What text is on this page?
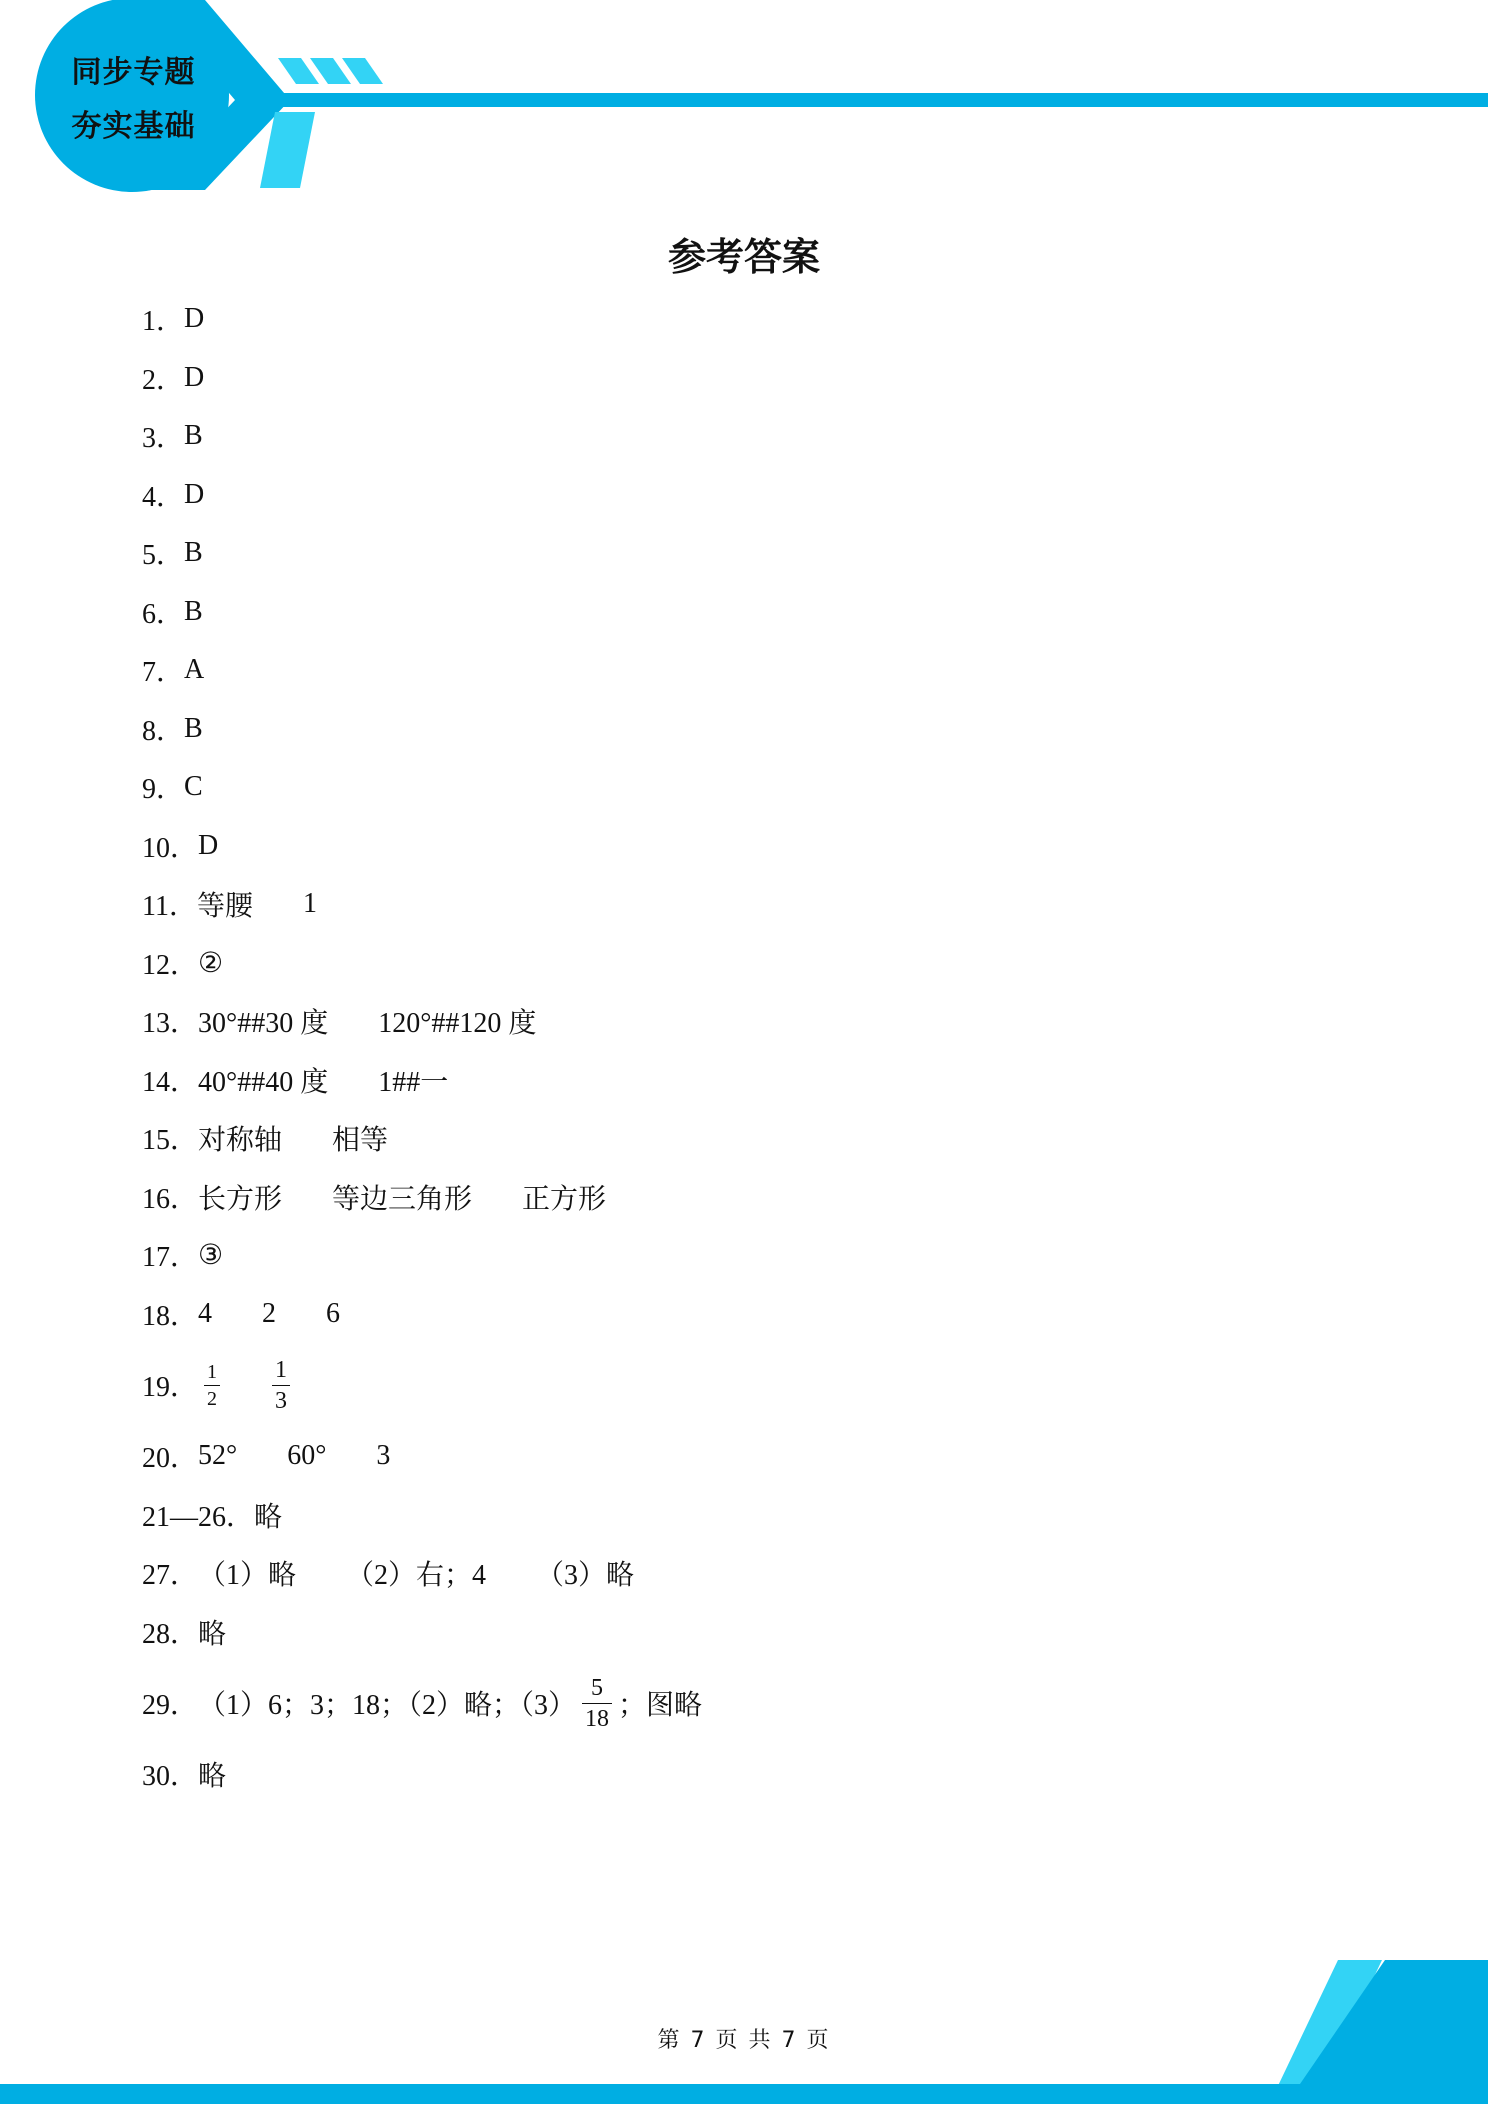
同步专题
夯实基础
参考答案
1． D
2． D
3． B
4． D
5． B
6． B
7． A
8． B
9． C
10． D
11． 等腰 1
12． ②
13． 30°##30 度 120°##120 度
14． 40°##40 度 1##一
15． 对称轴 相等
16． 长方形 等边三角形 正方形
17． ③
18． 4 2 6
19． $\frac{1}{2} \frac{1}{3}$
20． 52° 60° 3
21—26． 略
27． （1）略 （2）右；4 （3）略
28． 略
29． （1）6；3；18；（2）略；$(3) \frac{5}{18}$ ；图略
30． 略
第 7 页 共 7 页
